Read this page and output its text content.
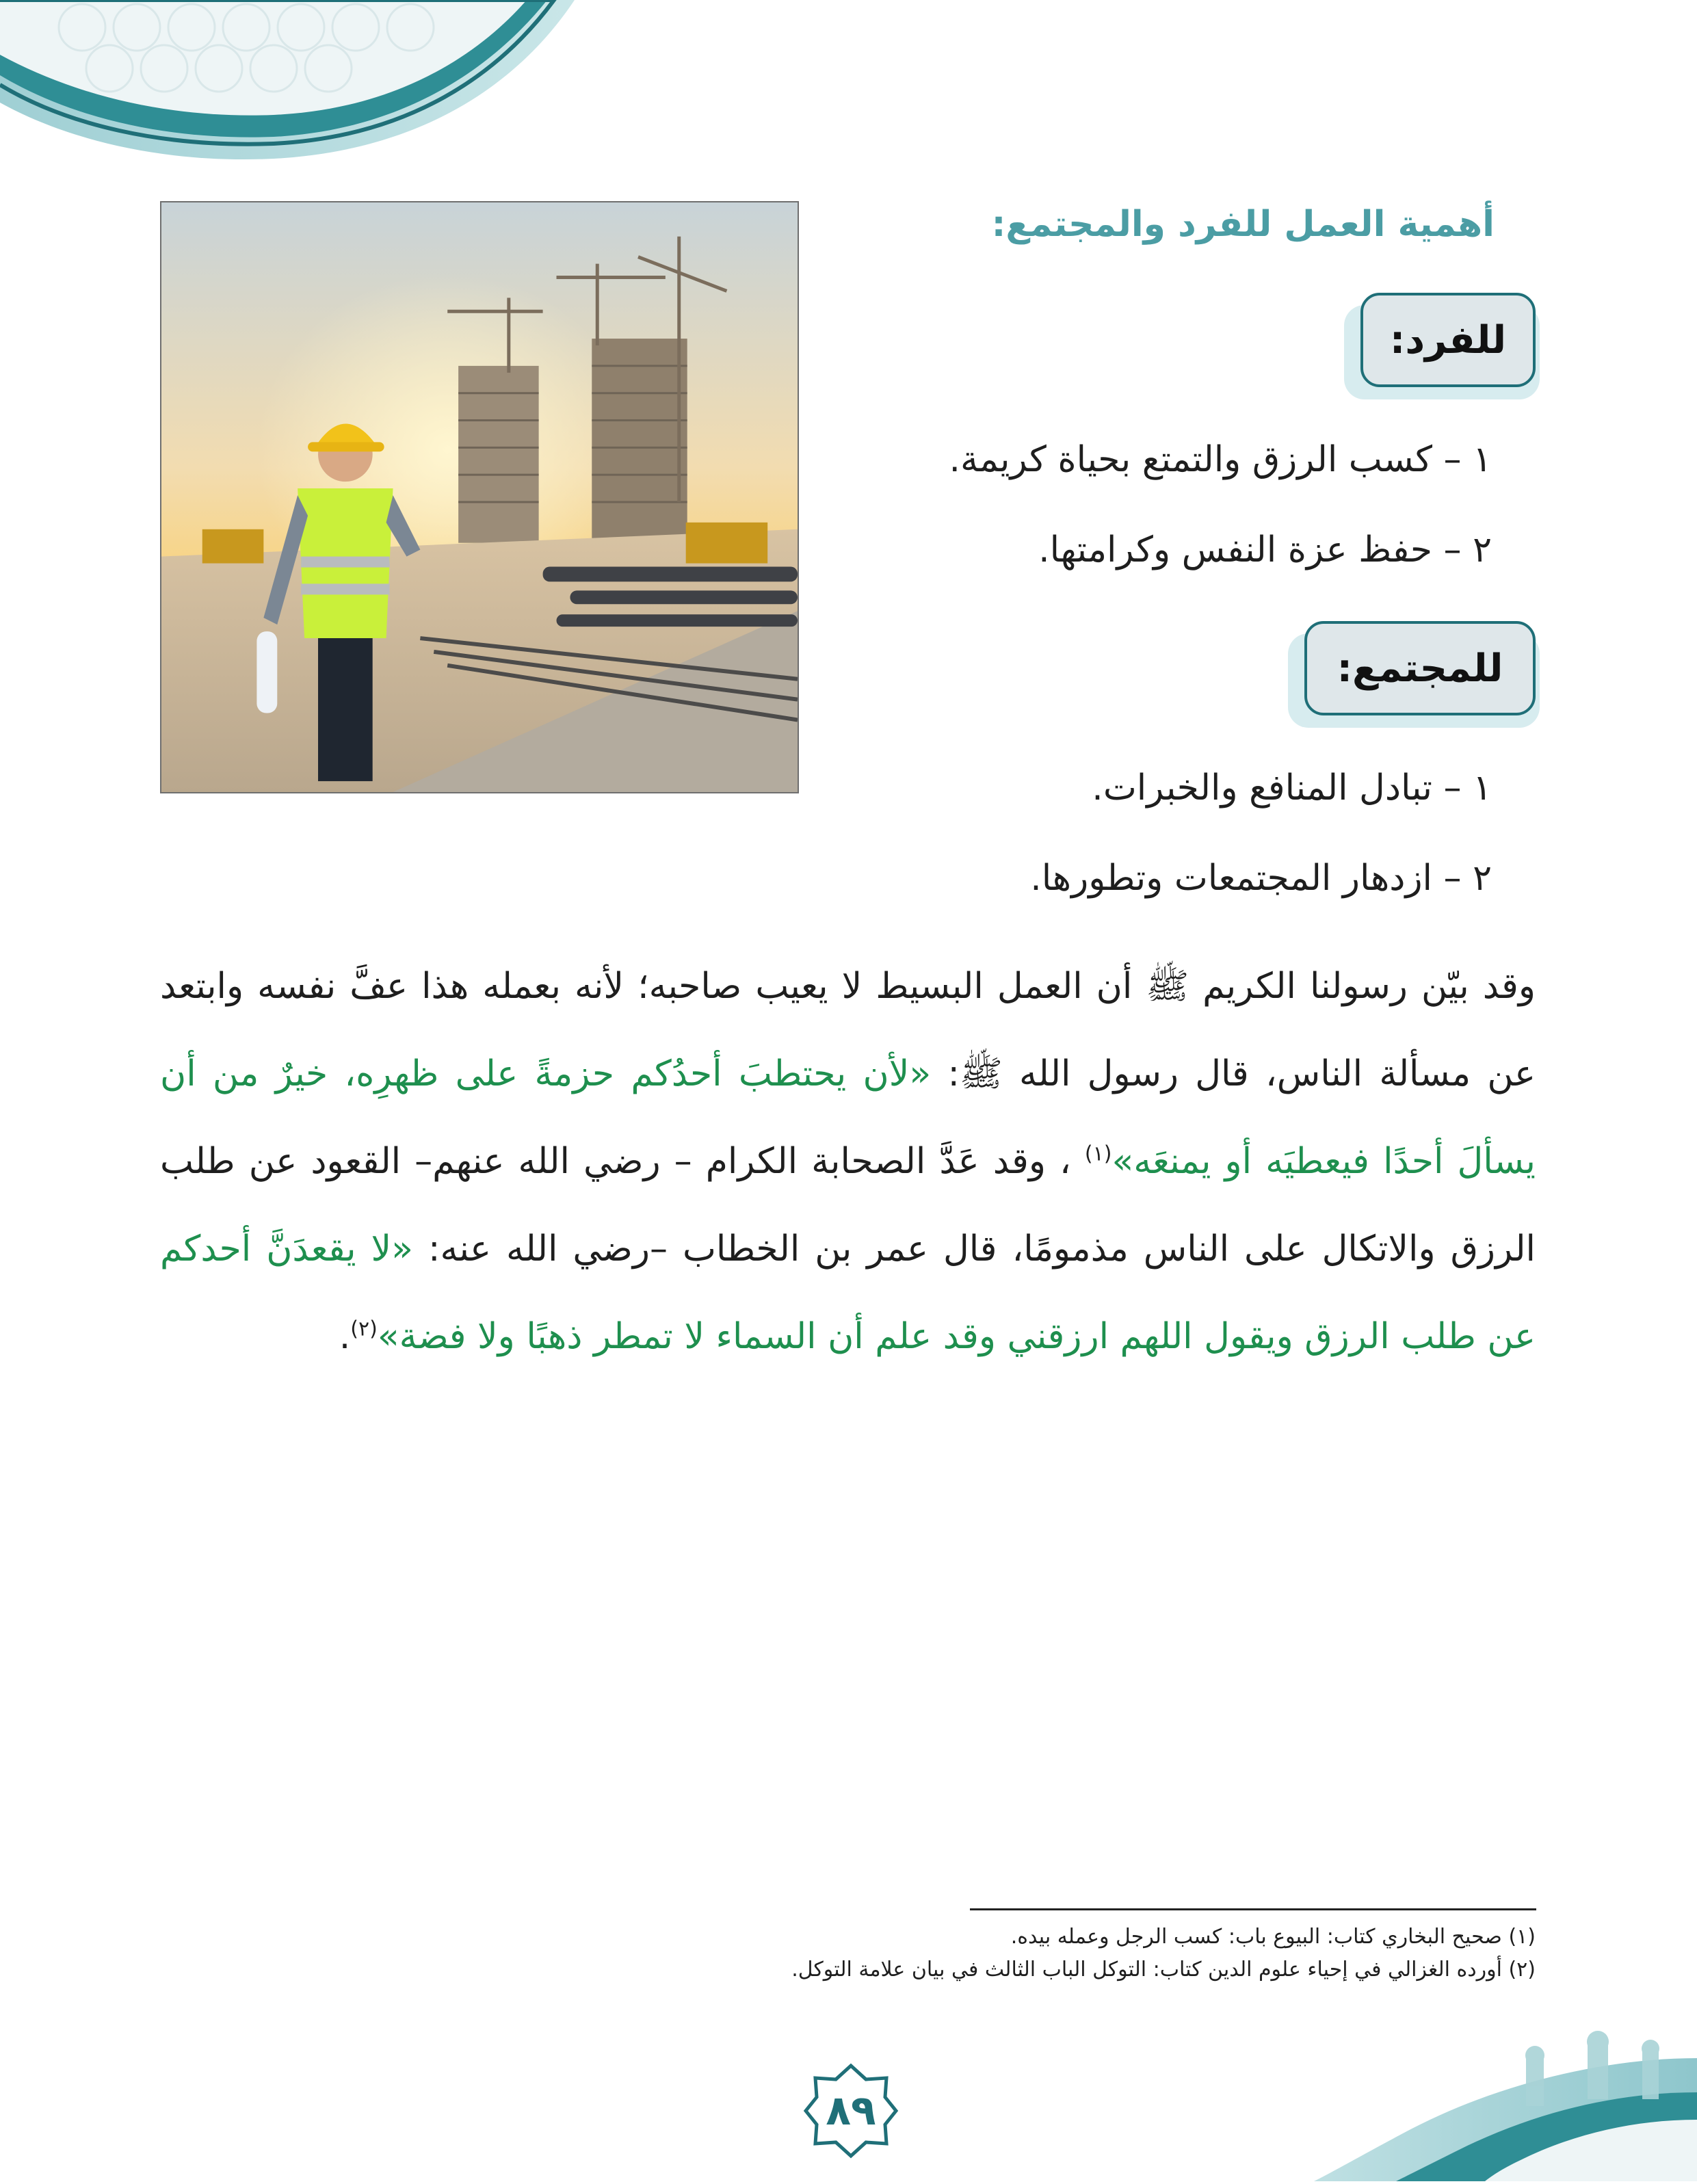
أهمية العمل للفرد والمجتمع:
للفرد:
١ – كسب الرزق والتمتع بحياة كريمة.
٢ – حفظ عزة النفس وكرامتها.
للمجتمع:
١ – تبادل المنافع والخبرات.
٢ – ازدهار المجتمعات وتطورها.
وقد بيّن رسولنا الكريم ﷺ أن العمل البسيط لا يعيب صاحبه؛ لأنه بعمله هذا عفَّ نفسه وابتعد عن مسألة الناس، قال رسول الله ﷺ: «لأن يحتطبَ أحدُكم حزمةً على ظهرِه، خيرٌ من أن يسألَ أحدًا فيعطيَه أو يمنعَه»$^{(١)}$ ، وقد عَدَّ الصحابة الكرام – رضي الله عنهم– القعود عن طلب الرزق والاتكال على الناس مذمومًا، قال عمر بن الخطاب –رضي الله عنه: «لا يقعدَنَّ أحدكم عن طلب الرزق ويقول اللهم ارزقني وقد علم أن السماء لا تمطر ذهبًا ولا فضة»$^{(٢)}$.
(١) صحيح البخاري كتاب: البيوع باب: كسب الرجل وعمله بيده.
(٢) أورده الغزالي في إحياء علوم الدين كتاب: التوكل الباب الثالث في بيان علامة التوكل.
٨٩
